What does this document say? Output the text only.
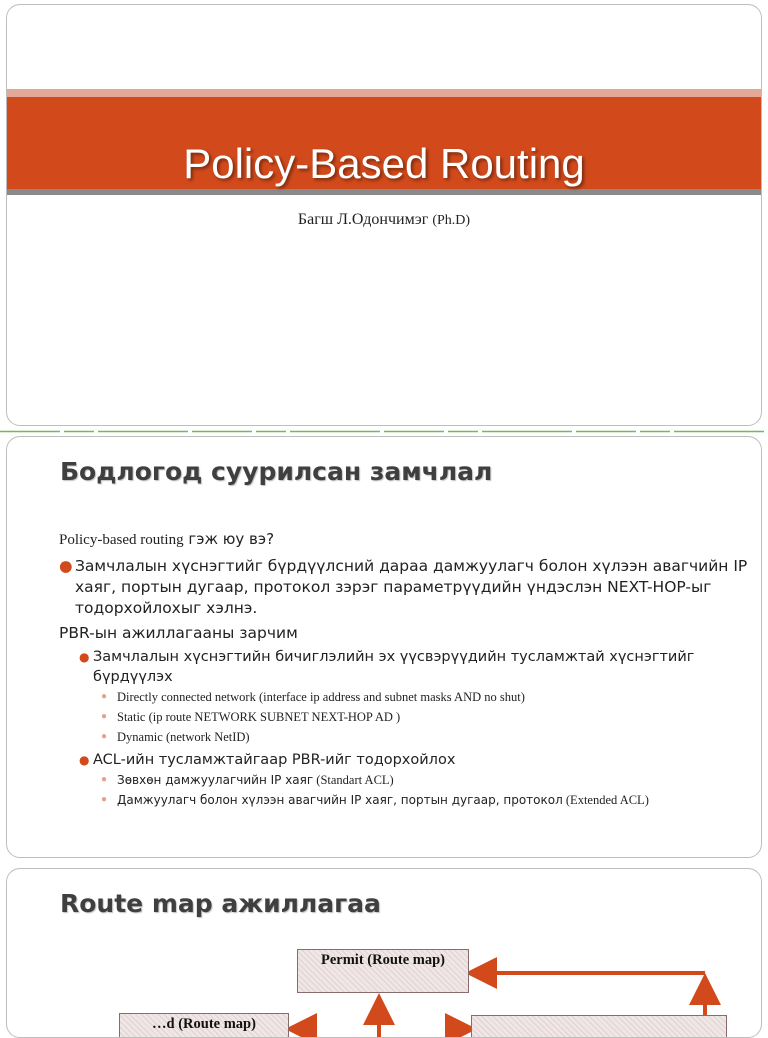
Policy-Based Routing
Багш Л.Одончимэг (Ph.D)
Бодлогод суурилсан замчлал
Policy-based routing гэж юу вэ?
● Замчлалын хүснэгтийг бүрдүүлсний дараа дамжуулагч болон хүлээн авагчийн IP хаяг, портын дугаар, протокол зэрэг параметрүүдийн үндэслэн NEXT-HOP-ыг тодорхойлохыг хэлнэ.
PBR-ын ажиллагааны зарчим
● Замчлалын хүснэгтийн бичиглэлийн эх үүсвэрүүдийн тусламжтай хүснэгтийг бүрдүүлэх
● Directly connected network (interface ip address and subnet masks AND no shut)
● Static (ip route NETWORK SUBNET NEXT-HOP AD )
● Dynamic (network NetID)
● ACL-ийн тусламжтайгаар PBR-ийг тодорхойлох
● Зөвхөн дамжуулагчийн IP хаяг (Standart ACL)
● Дамжуулагч болон хүлээн авагчийн IP хаяг, портын дугаар, протокол (Extended ACL)
Route map ажиллагаа
Permit (Route map)
…d (Route map)
